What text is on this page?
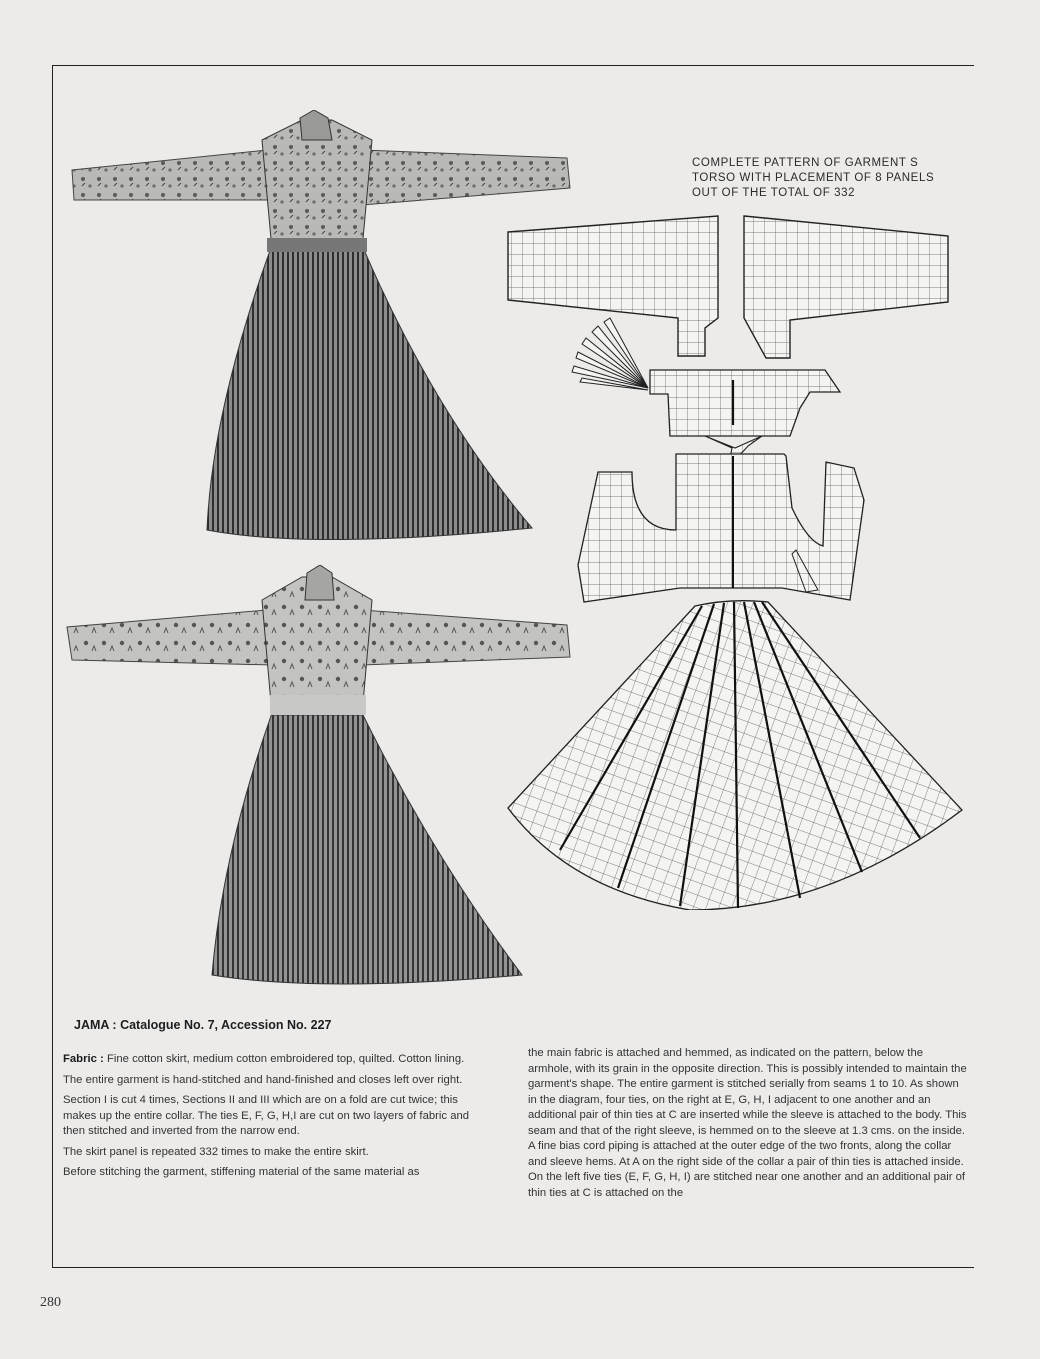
COMPLETE PATTERN OF GARMENT S
TORSO WITH PLACEMENT OF 8 PANELS
OUT OF THE TOTAL OF 332
JAMA : Catalogue No. 7, Accession No. 227

Fabric : Fine cotton skirt, medium cotton embroidered top, quilted. Cotton lining.

The entire garment is hand-stitched and hand-finished and closes left over right.

Section I is cut 4 times, Sections II and III which are on a fold are cut twice; this makes up the entire collar. The ties E, F, G, H,I are cut on two layers of fabric and then stitched and inverted from the narrow end.

The skirt panel is repeated 332 times to make the entire skirt.

Before stitching the garment, stiffening material of the same material as

the main fabric is attached and hemmed, as indicated on the pattern, below the armhole, with its grain in the opposite direction. This is possibly intended to maintain the garment's shape. The entire garment is stitched serially from seams 1 to 10. As shown in the diagram, four ties, on the right at E, G, H, I adjacent to one another and an additional pair of thin ties at C are inserted while the sleeve is attached to the body. This seam and that of the right sleeve, is hemmed on to the sleeve at 1.3 cms. on the inside. A fine bias cord piping is attached at the outer edge of the two fronts, along the collar and sleeve hems. At A on the right side of the collar a pair of thin ties is attached inside. On the left five ties (E, F, G, H, I) are stitched near one another and an additional pair of thin ties at C is attached on the

280
